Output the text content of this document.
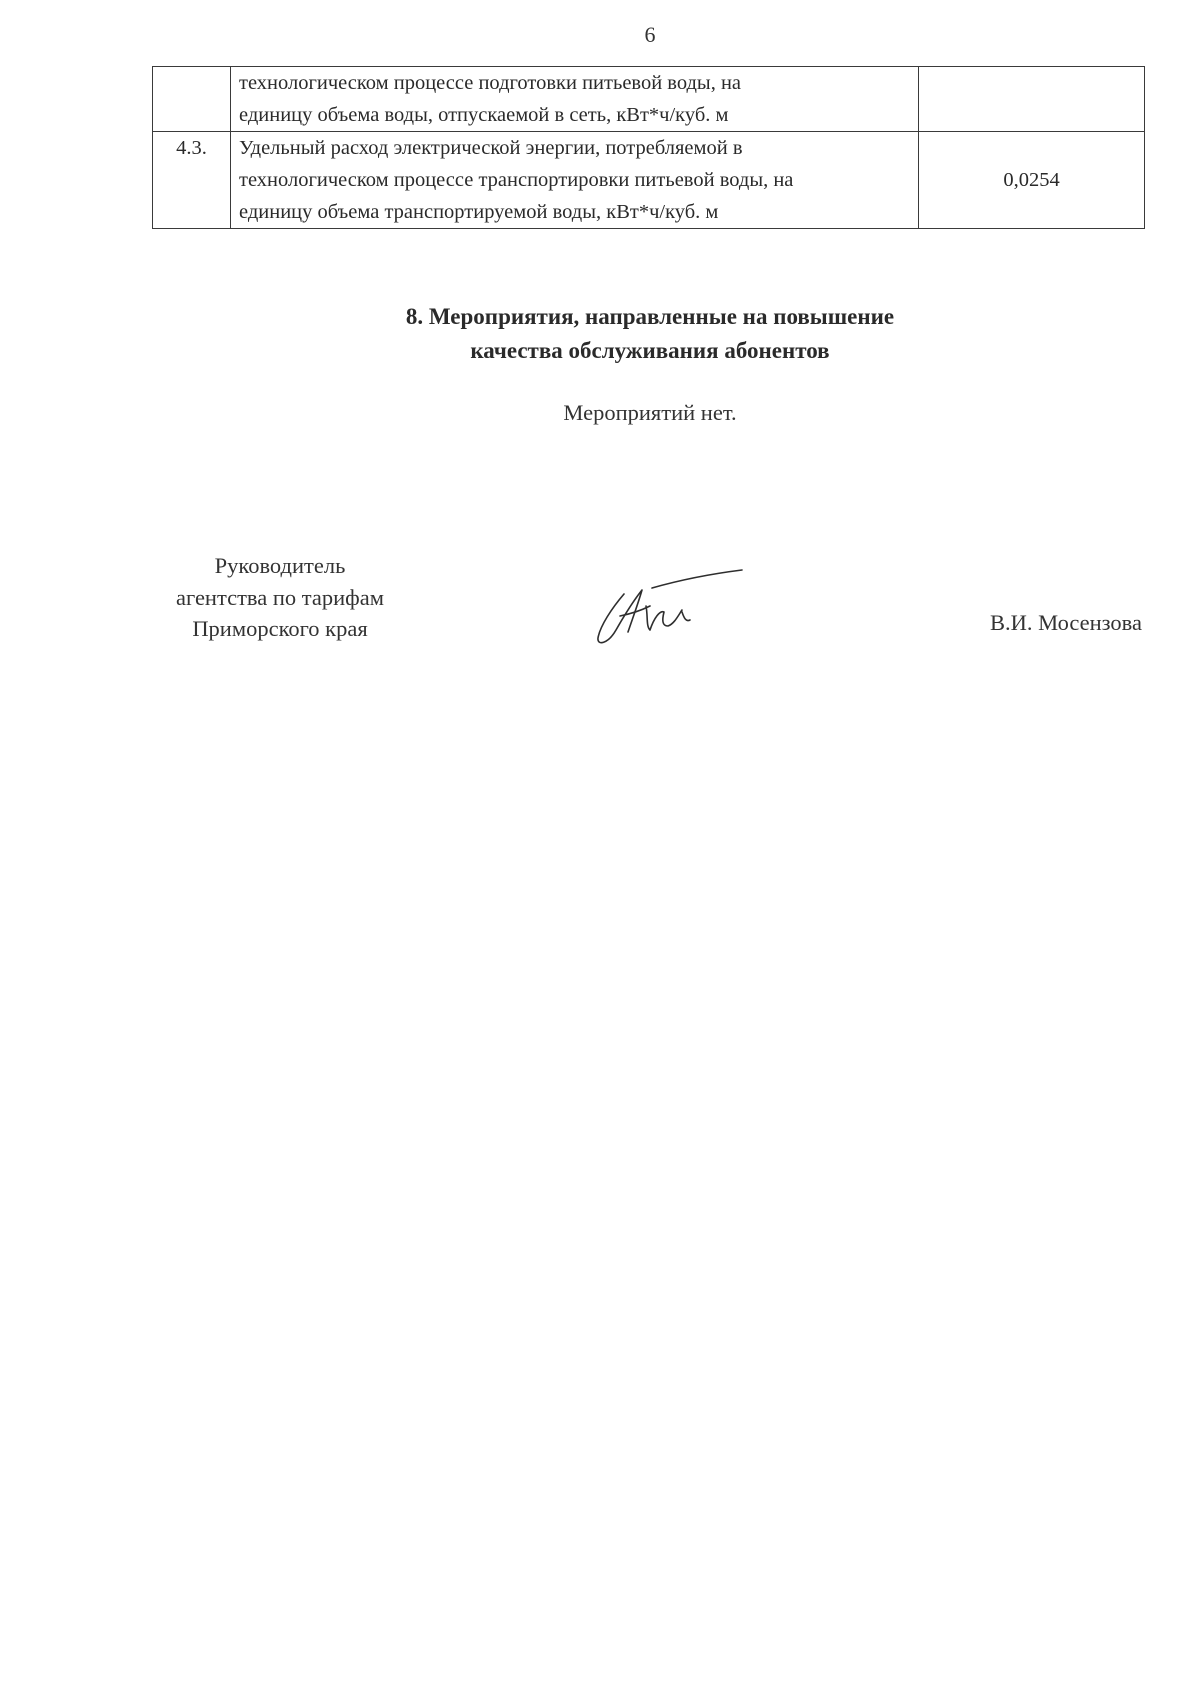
6

	технологическом процессе подготовки питьевой воды, на
единицу объема воды, отпускаемой в сеть, кВт*ч/куб. м	

4.3.	Удельный расход электрической энергии, потребляемой в
технологическом процессе транспортировки питьевой воды, на
единицу объема транспортируемой воды, кВт*ч/куб. м	0,0254
8. Мероприятия, направленные на повышение
качества обслуживания абонентов
Мероприятий нет.
Руководитель
агентства по тарифам
Приморского края	В.И. Мосензова
